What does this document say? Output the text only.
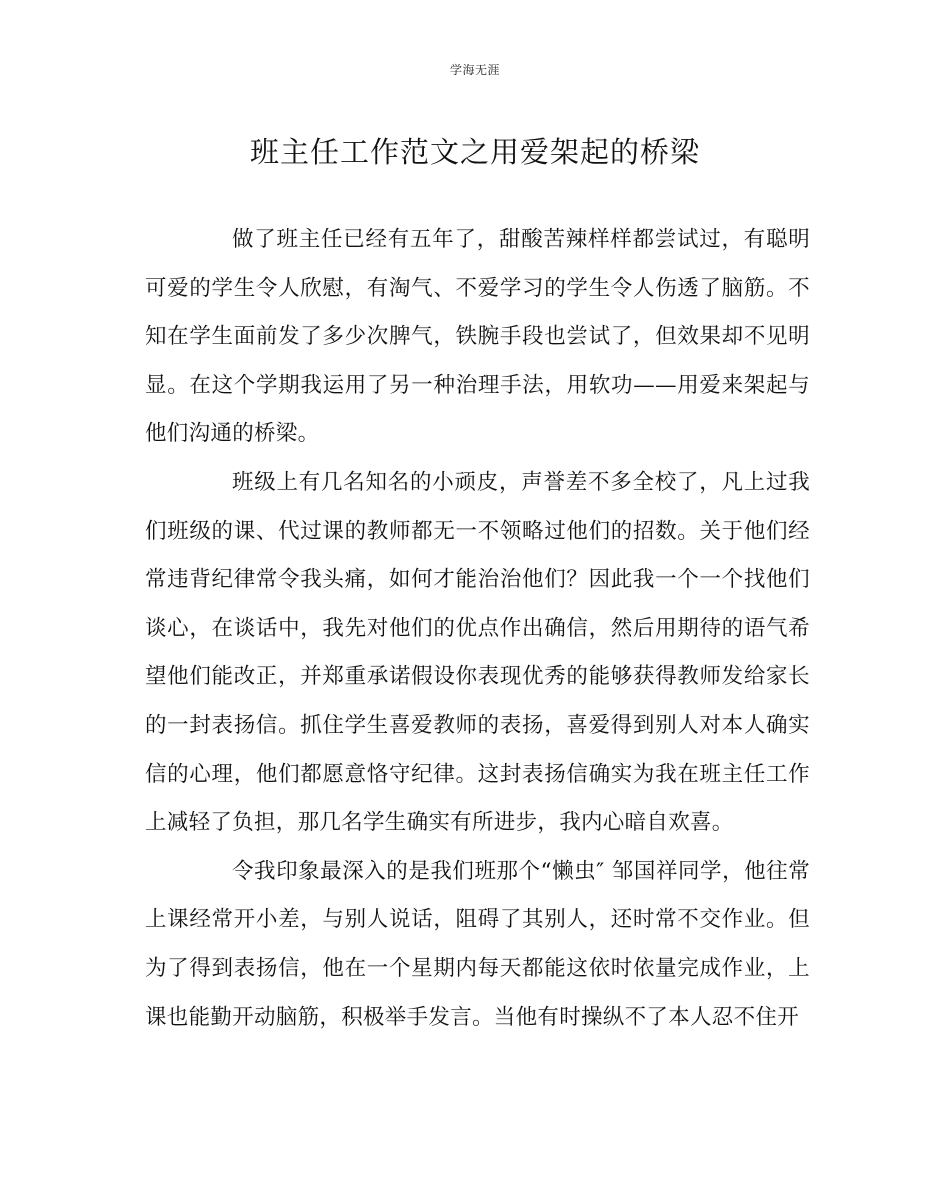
学海无涯
班主任工作范文之用爱架起的桥梁

做了班主任已经有五年了，甜酸苦辣样样都尝试过，有聪明可爱的学生令人欣慰，有淘气、不爱学习的学生令人伤透了脑筋。不知在学生面前发了多少次脾气，铁腕手段也尝试了，但效果却不见明显。在这个学期我运用了另一种治理手法，用软功——用爱来架起与他们沟通的桥梁。

班级上有几名知名的小顽皮，声誉差不多全校了，凡上过我们班级的课、代过课的教师都无一不领略过他们的招数。关于他们经常违背纪律常令我头痛，如何才能治治他们？因此我一个一个找他们谈心，在谈话中，我先对他们的优点作出确信，然后用期待的语气希望他们能改正，并郑重承诺假设你表现优秀的能够获得教师发给家长的一封表扬信。抓住学生喜爱教师的表扬，喜爱得到别人对本人确实信的心理，他们都愿意恪守纪律。这封表扬信确实为我在班主任工作上减轻了负担，那几名学生确实有所进步，我内心暗自欢喜。

令我印象最深入的是我们班那个“懒虫″ 邹国祥同学，他往常上课经常开小差，与别人说话，阻碍了其别人，还时常不交作业。但为了得到表扬信，他在一个星期内每天都能这依时依量完成作业，上课也能勤开动脑筋，积极举手发言。当他有时操纵不了本人忍不住开
